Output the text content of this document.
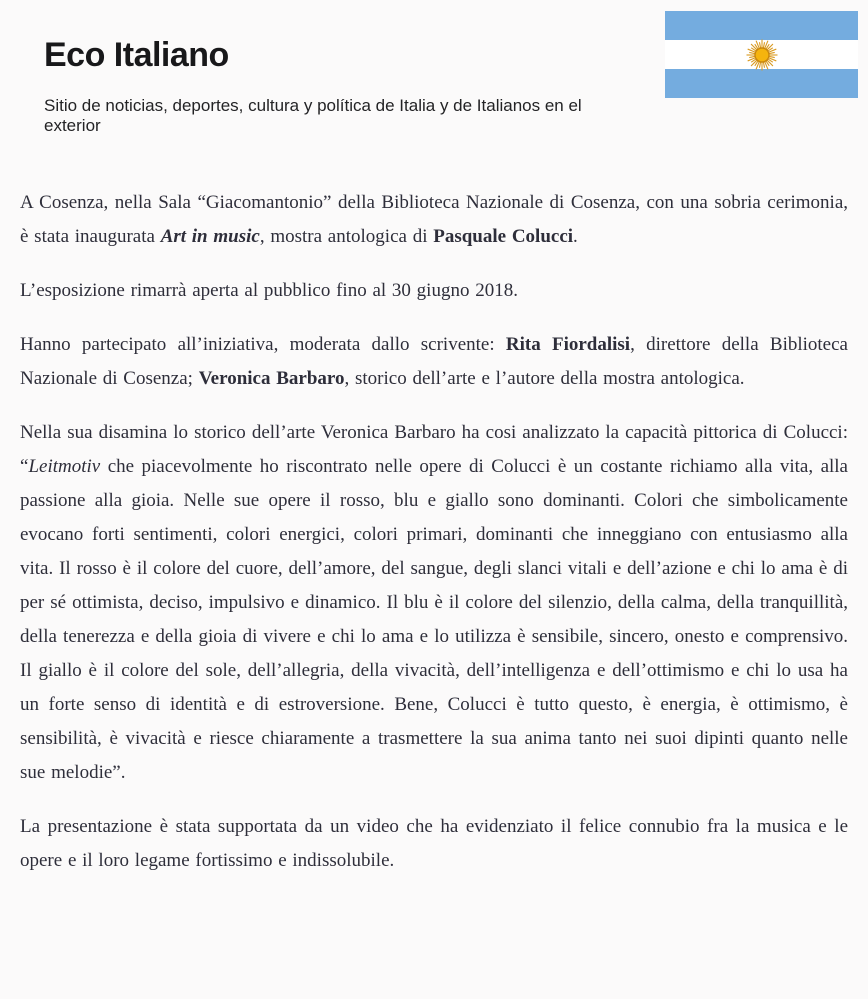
Eco Italiano

Sitio de noticias, deportes, cultura y política de Italia y de Italianos en el exterior

A Cosenza, nella Sala “Giacomantonio” della Biblioteca Nazionale di Cosenza, con una sobria cerimonia, è stata inaugurata Art in music, mostra antologica di Pasquale Colucci.

L’esposizione rimarrà aperta al pubblico fino al 30 giugno 2018.

Hanno partecipato all’iniziativa, moderata dallo scrivente: Rita Fiordalisi, direttore della Biblioteca Nazionale di Cosenza; Veronica Barbaro, storico dell’arte e l’autore della mostra antologica.

Nella sua disamina lo storico dell’arte Veronica Barbaro ha cosi analizzato la capacità pittorica di Colucci: “Leitmotiv che piacevolmente ho riscontrato nelle opere di Colucci è un costante richiamo alla vita, alla passione alla gioia. Nelle sue opere il rosso, blu e giallo sono dominanti. Colori che simbolicamente evocano forti sentimenti, colori energici, colori primari, dominanti che inneggiano con entusiasmo alla vita. Il rosso è il colore del cuore, dell’amore, del sangue, degli slanci vitali e dell’azione e chi lo ama è di per sé ottimista, deciso, impulsivo e dinamico. Il blu è il colore del silenzio, della calma, della tranquillità, della tenerezza e della gioia di vivere e chi lo ama e lo utilizza è sensibile, sincero, onesto e comprensivo. Il giallo è il colore del sole, dell’allegria, della vivacità, dell’intelligenza e dell’ottimismo e chi lo usa ha un forte senso di identità e di estroversione. Bene, Colucci è tutto questo, è energia, è ottimismo, è sensibilità, è vivacità e riesce chiaramente a trasmettere la sua anima tanto nei suoi dipinti quanto nelle sue melodie”.

La presentazione è stata supportata da un video che ha evidenziato il felice connubio fra la musica e le opere e il loro legame fortissimo e indissolubile.
